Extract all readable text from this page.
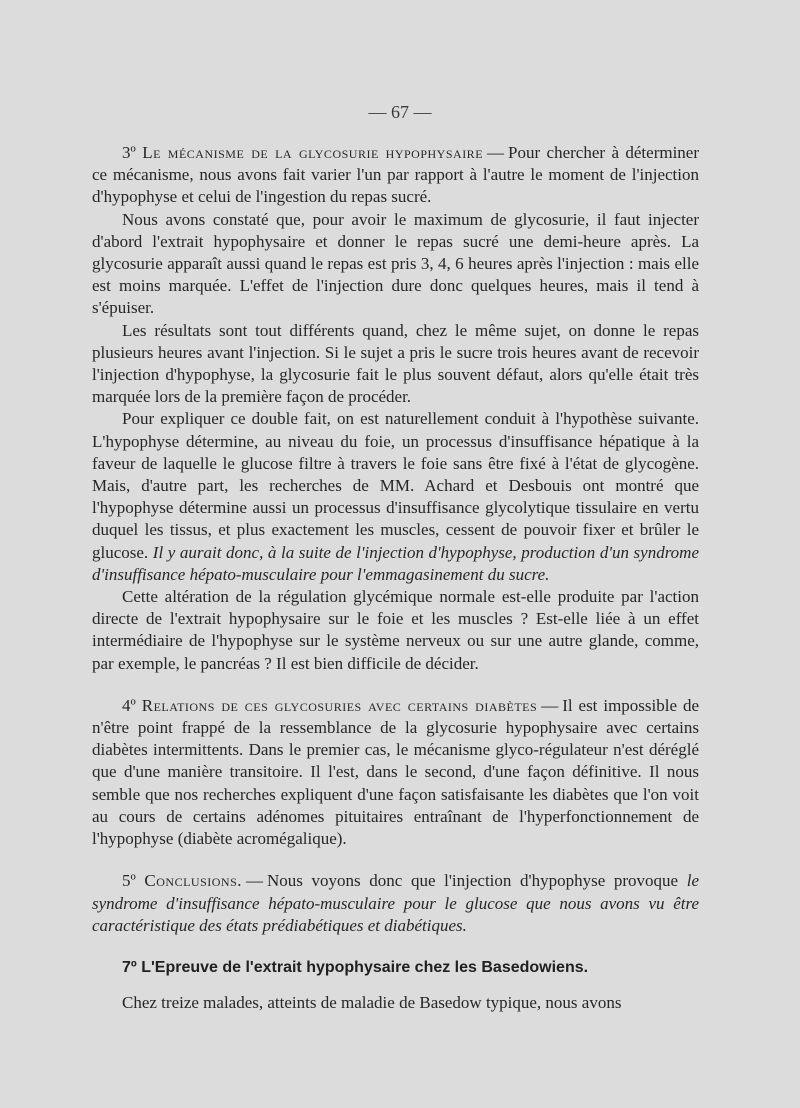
— 67 —

3º Le mécanisme de la glycosurie hypophysaire — Pour chercher à déterminer ce mécanisme, nous avons fait varier l'un par rapport à l'autre le moment de l'injection d'hypophyse et celui de l'ingestion du repas sucré.

Nous avons constaté que, pour avoir le maximum de glycosurie, il faut injecter d'abord l'extrait hypophysaire et donner le repas sucré une demi-heure après. La glycosurie apparaît aussi quand le repas est pris 3, 4, 6 heures après l'injection : mais elle est moins marquée. L'effet de l'injection dure donc quelques heures, mais il tend à s'épuiser.

Les résultats sont tout différents quand, chez le même sujet, on donne le repas plusieurs heures avant l'injection. Si le sujet a pris le sucre trois heures avant de recevoir l'injection d'hypophyse, la glycosurie fait le plus souvent défaut, alors qu'elle était très marquée lors de la première façon de procéder.

Pour expliquer ce double fait, on est naturellement conduit à l'hypothèse suivante. L'hypophyse détermine, au niveau du foie, un processus d'insuffisance hépatique à la faveur de laquelle le glucose filtre à travers le foie sans être fixé à l'état de glycogène. Mais, d'autre part, les recherches de MM. Achard et Desbouis ont montré que l'hypophyse détermine aussi un processus d'insuffisance glycolytique tissulaire en vertu duquel les tissus, et plus exactement les muscles, cessent de pouvoir fixer et brûler le glucose. Il y aurait donc, à la suite de l'injection d'hypophyse, production d'un syndrome d'insuffisance hépato-musculaire pour l'emmagasinement du sucre.

Cette altération de la régulation glycémique normale est-elle produite par l'action directe de l'extrait hypophysaire sur le foie et les muscles ? Est-elle liée à un effet intermédiaire de l'hypophyse sur le système nerveux ou sur une autre glande, comme, par exemple, le pancréas ? Il est bien difficile de décider.

4º Relations de ces glycosuries avec certains diabètes — Il est impossible de n'être point frappé de la ressemblance de la glycosurie hypophysaire avec certains diabètes intermittents. Dans le premier cas, le mécanisme glyco-régulateur n'est déréglé que d'une manière transitoire. Il l'est, dans le second, d'une façon définitive. Il nous semble que nos recherches expliquent d'une façon satisfaisante les diabètes que l'on voit au cours de certains adénomes pituitaires entraînant de l'hyperfonctionnement de l'hypophyse (diabète acromégalique).

5º Conclusions. — Nous voyons donc que l'injection d'hypophyse provoque le syndrome d'insuffisance hépato-musculaire pour le glucose que nous avons vu être caractéristique des états prédiabétiques et diabétiques.

7º L'Epreuve de l'extrait hypophysaire chez les Basedowiens.

Chez treize malades, atteints de maladie de Basedow typique, nous avons
